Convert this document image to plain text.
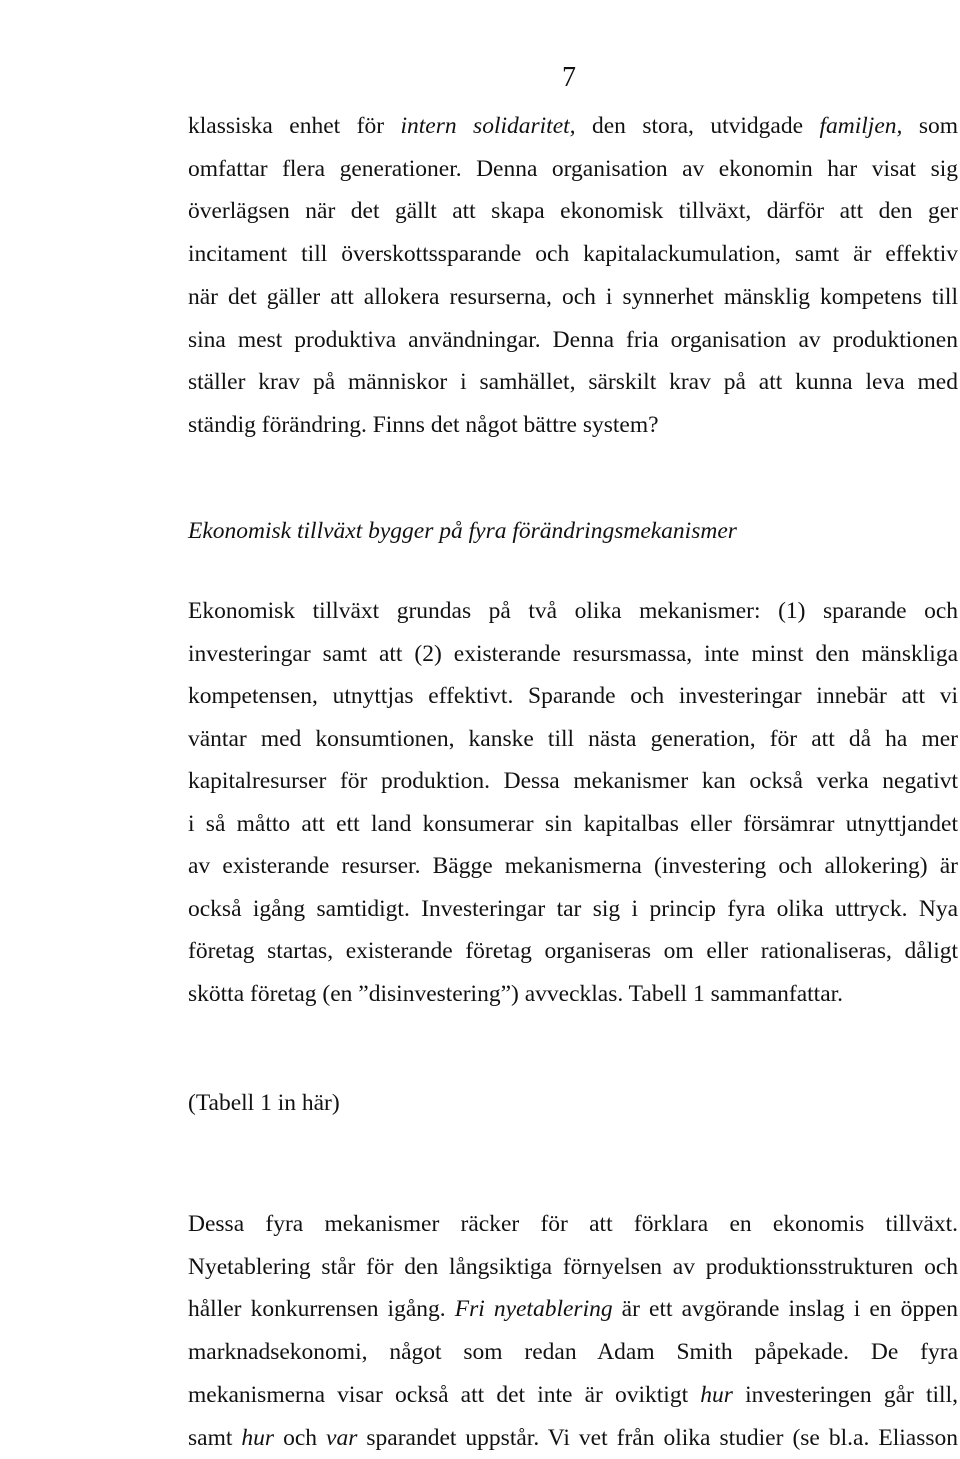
7

klassiska enhet för intern solidaritet, den stora, utvidgade familjen, som
omfattar flera generationer. Denna organisation av ekonomin har visat sig
överlägsen när det gällt att skapa ekonomisk tillväxt, därför att den ger
incitament till överskottssparande och kapitalackumulation, samt är effektiv
när det gäller att allokera resurserna, och i synnerhet mänsklig kompetens till
sina mest produktiva användningar. Denna fria organisation av produktionen
ställer krav på människor i samhället, särskilt krav på att kunna leva med
ständig förändring. Finns det något bättre system?

Ekonomisk tillväxt bygger på fyra förändringsmekanismer

Ekonomisk tillväxt grundas på två olika mekanismer: (1) sparande och
investeringar samt att (2) existerande resursmassa, inte minst den mänskliga
kompetensen, utnyttjas effektivt. Sparande och investeringar innebär att vi
väntar med konsumtionen, kanske till nästa generation, för att då ha mer
kapitalresurser för produktion. Dessa mekanismer kan också verka negativt
i så måtto att ett land konsumerar sin kapitalbas eller försämrar utnyttjandet
av existerande resurser. Bägge mekanismerna (investering och allokering) är
också igång samtidigt. Investeringar tar sig i princip fyra olika uttryck. Nya
företag startas, existerande företag organiseras om eller rationaliseras, dåligt
skötta företag (en ”disinvestering”) avvecklas. Tabell 1 sammanfattar.

(Tabell 1 in här)

Dessa fyra mekanismer räcker för att förklara en ekonomis tillväxt.
Nyetablering står för den långsiktiga förnyelsen av produktionsstrukturen och
håller konkurrensen igång. Fri nyetablering är ett avgörande inslag i en öppen
marknadsekonomi, något som redan Adam Smith påpekade. De fyra
mekanismerna visar också att det inte är oviktigt hur investeringen går till,
samt hur och var sparandet uppstår. Vi vet från olika studier (se bl.a. Eliasson
